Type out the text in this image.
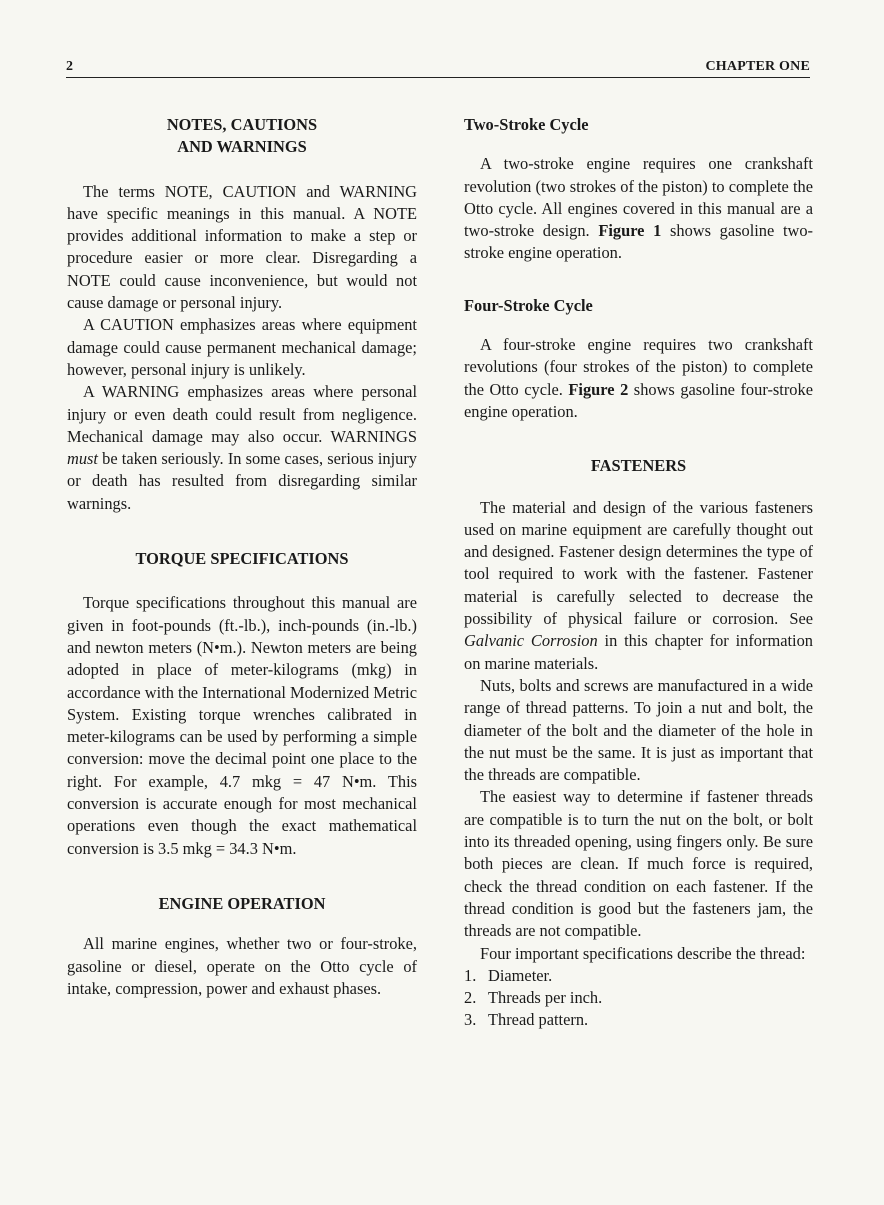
2	CHAPTER ONE
NOTES, CAUTIONS
AND WARNINGS

The terms NOTE, CAUTION and WARNING have specific meanings in this manual. A NOTE provides additional information to make a step or procedure easier or more clear. Disregarding a NOTE could cause inconvenience, but would not cause damage or personal injury.

A CAUTION emphasizes areas where equipment damage could cause permanent mechanical damage; however, personal injury is unlikely.

A WARNING emphasizes areas where personal injury or even death could result from negligence. Mechanical damage may also occur. WARNINGS must be taken seriously. In some cases, serious injury or death has resulted from disregarding similar warnings.

TORQUE SPECIFICATIONS

Torque specifications throughout this manual are given in foot-pounds (ft.-lb.), inch-pounds (in.-lb.) and newton meters (N•m.). Newton meters are being adopted in place of meter-kilograms (mkg) in accordance with the International Modernized Metric System. Existing torque wrenches calibrated in meter-kilograms can be used by performing a simple conversion: move the decimal point one place to the right. For example, 4.7 mkg = 47 N•m. This conversion is accurate enough for most mechanical operations even though the exact mathematical conversion is 3.5 mkg = 34.3 N•m.

ENGINE OPERATION

All marine engines, whether two or four-stroke, gasoline or diesel, operate on the Otto cycle of intake, compression, power and exhaust phases.

Two-Stroke Cycle

A two-stroke engine requires one crankshaft revolution (two strokes of the piston) to complete the Otto cycle. All engines covered in this manual are a two-stroke design. Figure 1 shows gasoline two-stroke engine operation.

Four-Stroke Cycle

A four-stroke engine requires two crankshaft revolutions (four strokes of the piston) to complete the Otto cycle. Figure 2 shows gasoline four-stroke engine operation.

FASTENERS

The material and design of the various fasteners used on marine equipment are carefully thought out and designed. Fastener design determines the type of tool required to work with the fastener. Fastener material is carefully selected to decrease the possibility of physical failure or corrosion. See Galvanic Corrosion in this chapter for information on marine materials.

Nuts, bolts and screws are manufactured in a wide range of thread patterns. To join a nut and bolt, the diameter of the bolt and the diameter of the hole in the nut must be the same. It is just as important that the threads are compatible.

The easiest way to determine if fastener threads are compatible is to turn the nut on the bolt, or bolt into its threaded opening, using fingers only. Be sure both pieces are clean. If much force is required, check the thread condition on each fastener. If the thread condition is good but the fasteners jam, the threads are not compatible.

Four important specifications describe the thread:

1. Diameter.
2. Threads per inch.
3. Thread pattern.
